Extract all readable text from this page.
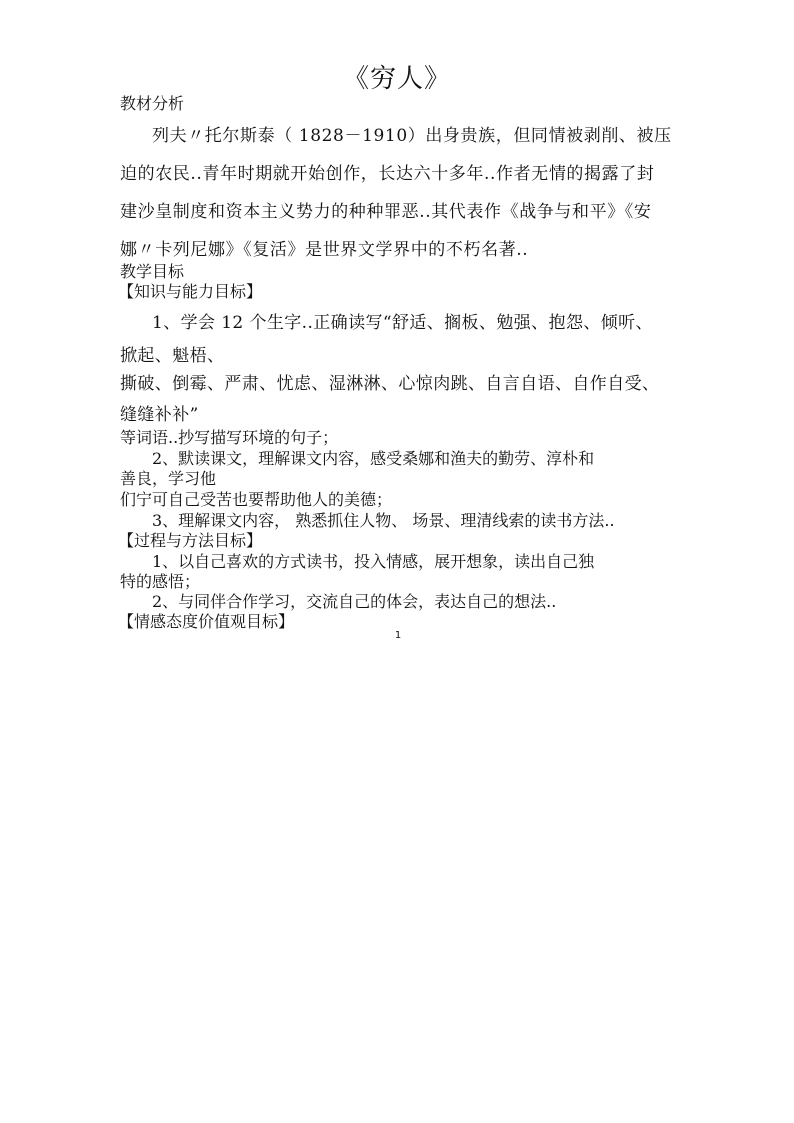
《穷人》
教材分析
列夫〃托尔斯泰（ 1828－1910）出身贵族，但同情被剥削、被压
迫的农民..青年时期就开始创作，长达六十多年..作者无情的揭露了封
建沙皇制度和资本主义势力的种种罪恶..其代表作《战争与和平》《安
娜〃卡列尼娜》《复活》是世界文学界中的不朽名著..
教学目标
【知识与能力目标】
1、学会 12 个生字..正确读写“舒适、搁板、勉强、抱怨、倾听、
掀起、魁梧、
撕破、倒霉、严肃、忧虑、湿淋淋、心惊肉跳、自言自语、自作自受、
缝缝补补”
等词语..抄写描写环境的句子；
2、默读课文，理解课文内容，感受桑娜和渔夫的勤劳、淳朴和
善良，学习他
们宁可自己受苦也要帮助他人的美德；
3、理解课文内容， 熟悉抓住人物、 场景、理清线索的读书方法..
【过程与方法目标】
1、以自己喜欢的方式读书，投入情感，展开想象，读出自己独
特的感悟；
2、与同伴合作学习，交流自己的体会，表达自己的想法..
【情感态度价值观目标】
1
